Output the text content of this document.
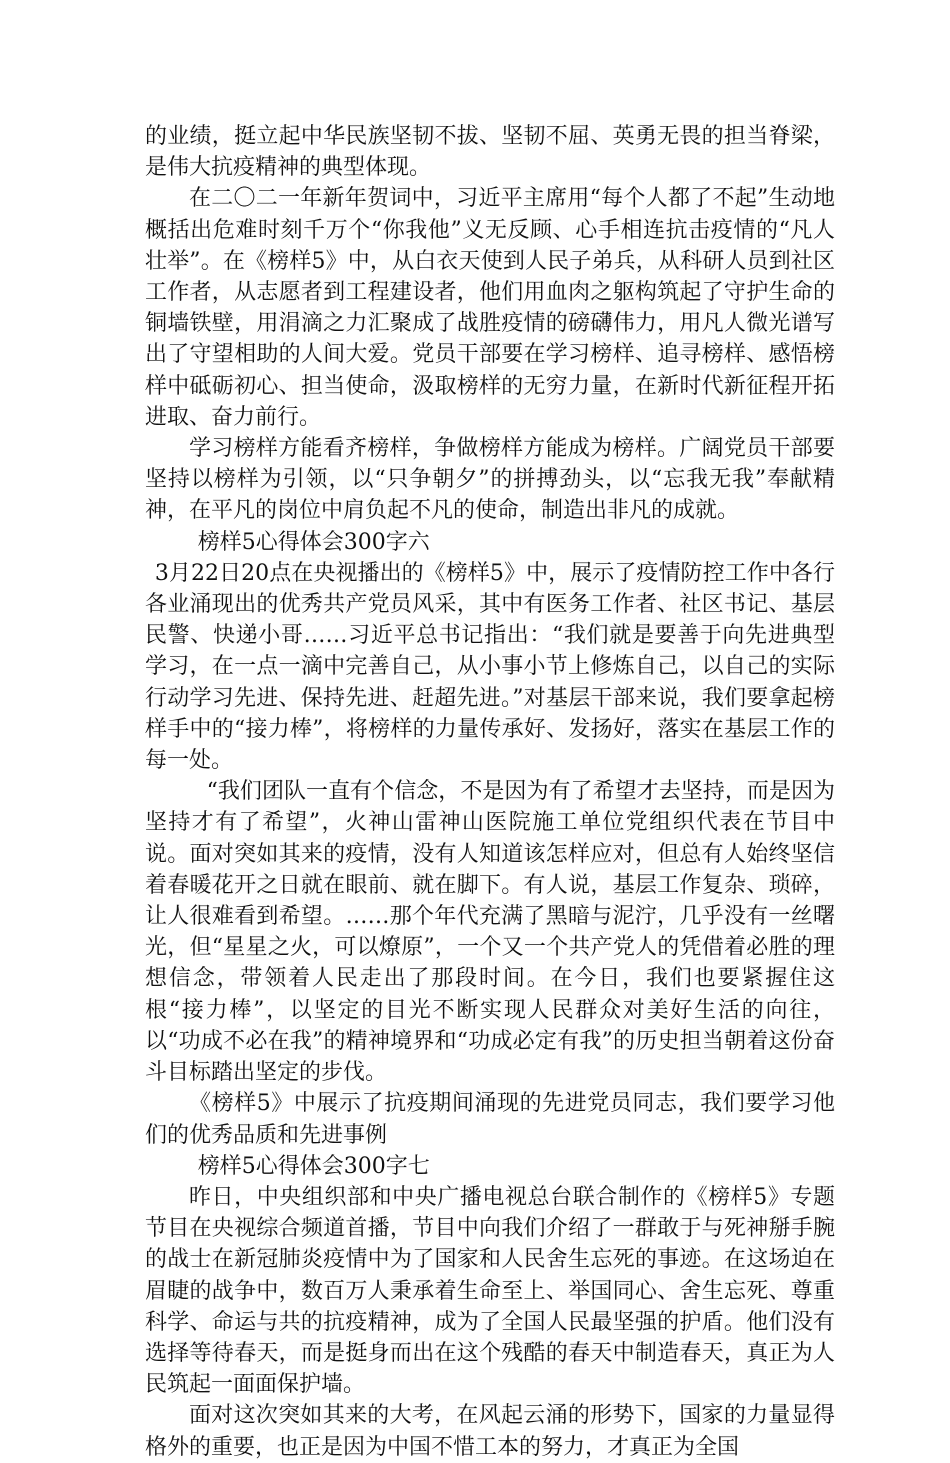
的业绩，挺立起中华民族坚韧不拔、坚韧不屈、英勇无畏的担当脊梁，是伟大抗疫精神的典型体现。

在二〇二一年新年贺词中，习近平主席用“每个人都了不起”生动地概括出危难时刻千万个“你我他”义无反顾、心手相连抗击疫情的“凡人壮举”。在《榜样5》中，从白衣天使到人民子弟兵，从科研人员到社区工作者，从志愿者到工程建设者，他们用血肉之躯构筑起了守护生命的铜墙铁壁，用涓滴之力汇聚成了战胜疫情的磅礴伟力，用凡人微光谱写出了守望相助的人间大爱。党员干部要在学习榜样、追寻榜样、感悟榜样中砥砺初心、担当使命，汲取榜样的无穷力量，在新时代新征程开拓进取、奋力前行。

学习榜样方能看齐榜样，争做榜样方能成为榜样。广阔党员干部要坚持以榜样为引领，以“只争朝夕”的拼搏劲头，以“忘我无我”奉献精神，在平凡的岗位中肩负起不凡的使命，制造出非凡的成就。

榜样5心得体会300字六

3月22日20点在央视播出的《榜样5》中，展示了疫情防控工作中各行各业涌现出的优秀共产党员风采，其中有医务工作者、社区书记、基层民警、快递小哥……习近平总书记指出：“我们就是要善于向先进典型学习，在一点一滴中完善自己，从小事小节上修炼自己，以自己的实际行动学习先进、保持先进、赶超先进。”对基层干部来说，我们要拿起榜样手中的“接力棒”，将榜样的力量传承好、发扬好，落实在基层工作的每一处。

“我们团队一直有个信念，不是因为有了希望才去坚持，而是因为坚持才有了希望”，火神山雷神山医院施工单位党组织代表在节目中说。面对突如其来的疫情，没有人知道该怎样应对，但总有人始终坚信着春暖花开之日就在眼前、就在脚下。有人说，基层工作复杂、琐碎，让人很难看到希望。……那个年代充满了黑暗与泥泞，几乎没有一丝曙光，但“星星之火，可以燎原”，一个又一个共产党人的凭借着必胜的理想信念，带领着人民走出了那段时间。在今日，我们也要紧握住这根“接力棒”，以坚定的目光不断实现人民群众对美好生活的向往，以“功成不必在我”的精神境界和“功成必定有我”的历史担当朝着这份奋斗目标踏出坚定的步伐。

《榜样5》中展示了抗疫期间涌现的先进党员同志，我们要学习他们的优秀品质和先进事例

榜样5心得体会300字七

昨日，中央组织部和中央广播电视总台联合制作的《榜样5》专题节目在央视综合频道首播，节目中向我们介绍了一群敢于与死神掰手腕的战士在新冠肺炎疫情中为了国家和人民舍生忘死的事迹。在这场迫在眉睫的战争中，数百万人秉承着生命至上、举国同心、舍生忘死、尊重科学、命运与共的抗疫精神，成为了全国人民最坚强的护盾。他们没有选择等待春天，而是挺身而出在这个残酷的春天中制造春天，真正为人民筑起一面面保护墙。

面对这次突如其来的大考，在风起云涌的形势下，国家的力量显得格外的重要，也正是因为中国不惜工本的努力，才真正为全国
